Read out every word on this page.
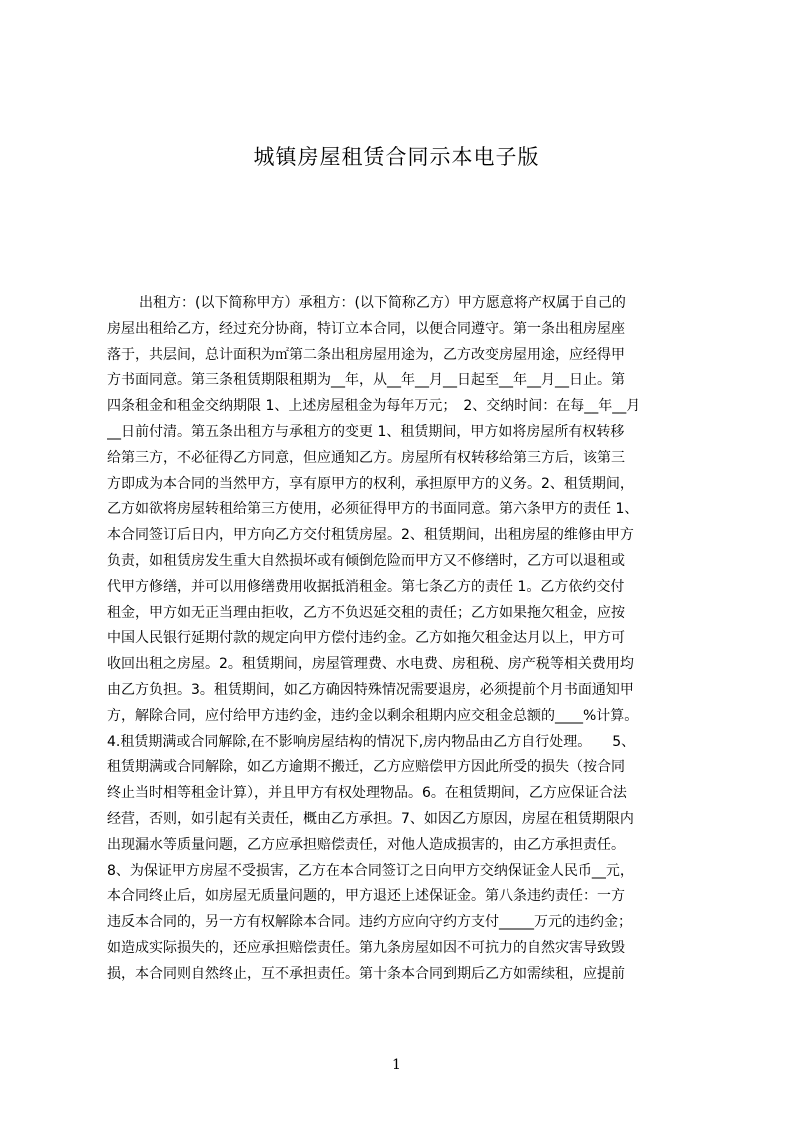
城镇房屋租赁合同示本电子版
出租方：(以下简称甲方）承租方：(以下简称乙方）甲方愿意将产权属于自己的
房屋出租给乙方，经过充分协商，特订立本合同，以便合同遵守。第一条出租房屋座
落于，共层间，总计面积为㎡第二条出租房屋用途为，乙方改变房屋用途，应经得甲
方书面同意。第三条租赁期限租期为__年，从__年__月__日起至__年__月__日止。第
四条租金和租金交纳期限 1、上述房屋租金为每年万元；　2、交纳时间：在每__年__月
__日前付清。第五条出租方与承租方的变更 1、租赁期间，甲方如将房屋所有权转移
给第三方，不必征得乙方同意，但应通知乙方。房屋所有权转移给第三方后，该第三
方即成为本合同的当然甲方，享有原甲方的权利，承担原甲方的义务。2、租赁期间，
乙方如欲将房屋转租给第三方使用，必须征得甲方的书面同意。第六条甲方的责任 1、
本合同签订后日内，甲方向乙方交付租赁房屋。2、租赁期间，出租房屋的维修由甲方
负责，如租赁房发生重大自然损坏或有倾倒危险而甲方又不修缮时，乙方可以退租或
代甲方修缮，并可以用修缮费用收据抵消租金。第七条乙方的责任 1。乙方依约交付
租金，甲方如无正当理由拒收，乙方不负迟延交租的责任；乙方如果拖欠租金，应按
中国人民银行延期付款的规定向甲方偿付违约金。乙方如拖欠租金达月以上，甲方可
收回出租之房屋。2。租赁期间，房屋管理费、水电费、房租税、房产税等相关费用均
由乙方负担。3。租赁期间，如乙方确因特殊情况需要退房，必须提前个月书面通知甲
方，解除合同，应付给甲方违约金，违约金以剩余租期内应交租金总额的____%计算。
4.租赁期满或合同解除,在不影响房屋结构的情况下,房内物品由乙方自行处理。　　5、
租赁期满或合同解除，如乙方逾期不搬迁，乙方应赔偿甲方因此所受的损失（按合同
终止当时相等租金计算），并且甲方有权处理物品。6。在租赁期间，乙方应保证合法
经营，否则，如引起有关责任，概由乙方承担。7、如因乙方原因，房屋在租赁期限内
出现漏水等质量问题，乙方应承担赔偿责任，对他人造成损害的，由乙方承担责任。
8、为保证甲方房屋不受损害，乙方在本合同签订之日向甲方交纳保证金人民币__元，
本合同终止后，如房屋无质量问题的，甲方退还上述保证金。第八条违约责任：一方
违反本合同的，另一方有权解除本合同。违约方应向守约方支付_____万元的违约金；
如造成实际损失的，还应承担赔偿责任。第九条房屋如因不可抗力的自然灾害导致毁
损，本合同则自然终止，互不承担责任。第十条本合同到期后乙方如需续租，应提前
1
